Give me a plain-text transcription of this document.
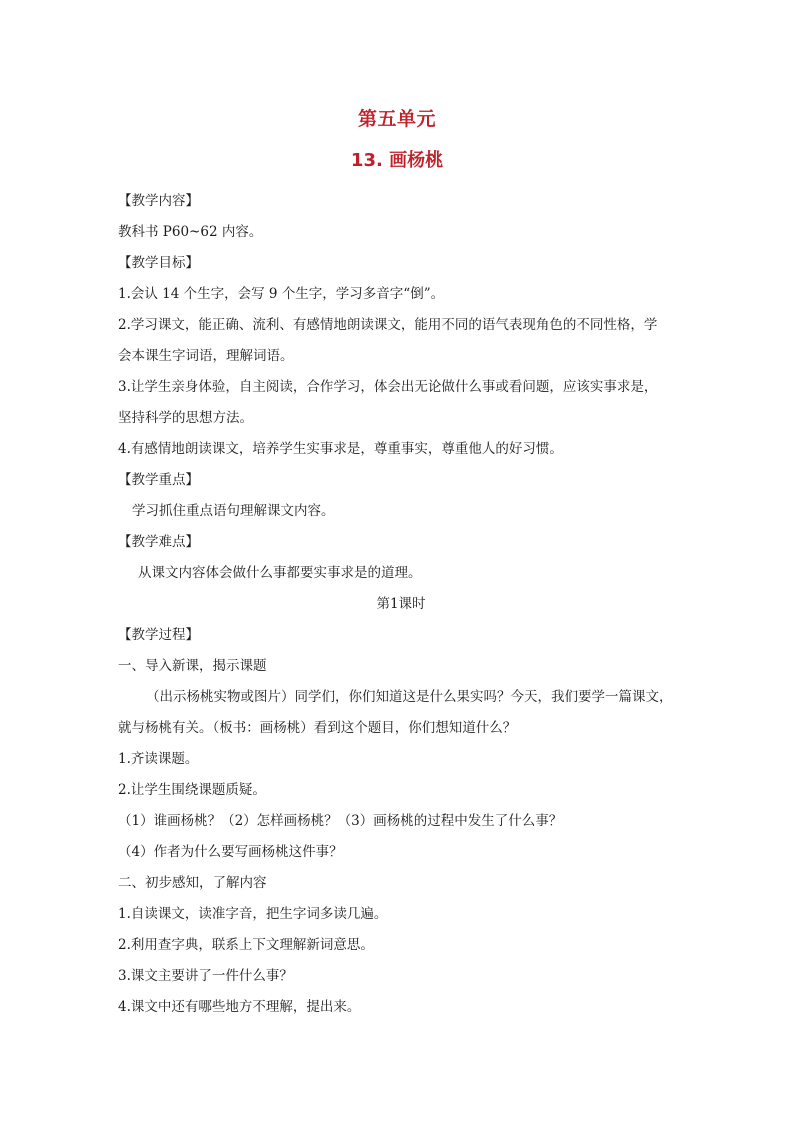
第五单元
13. 画杨桃
【教学内容】
教科书 P60~62 内容。
【教学目标】
1.会认 14 个生字，会写 9 个生字，学习多音字“倒”。
2.学习课文，能正确、流利、有感情地朗读课文，能用不同的语气表现角色的不同性格，学
会本课生字词语，理解词语。
3.让学生亲身体验，自主阅读，合作学习，体会出无论做什么事或看问题，应该实事求是，
坚持科学的思想方法。
4.有感情地朗读课文，培养学生实事求是，尊重事实，尊重他人的好习惯。
【教学重点】
学习抓住重点语句理解课文内容。
【教学难点】
从课文内容体会做什么事都要实事求是的道理。
第1课时
【教学过程】
一、导入新课，揭示课题
（出示杨桃实物或图片）同学们，你们知道这是什么果实吗？今天，我们要学一篇课文，
就与杨桃有关。（板书：画杨桃）看到这个题目，你们想知道什么？
1.齐读课题。
2.让学生围绕课题质疑。
（1）谁画杨桃？（2）怎样画杨桃？（3）画杨桃的过程中发生了什么事？
（4）作者为什么要写画杨桃这件事？
二、初步感知，了解内容
1.自读课文，读准字音，把生字词多读几遍。
2.利用查字典，联系上下文理解新词意思。
3.课文主要讲了一件什么事？
4.课文中还有哪些地方不理解，提出来。
